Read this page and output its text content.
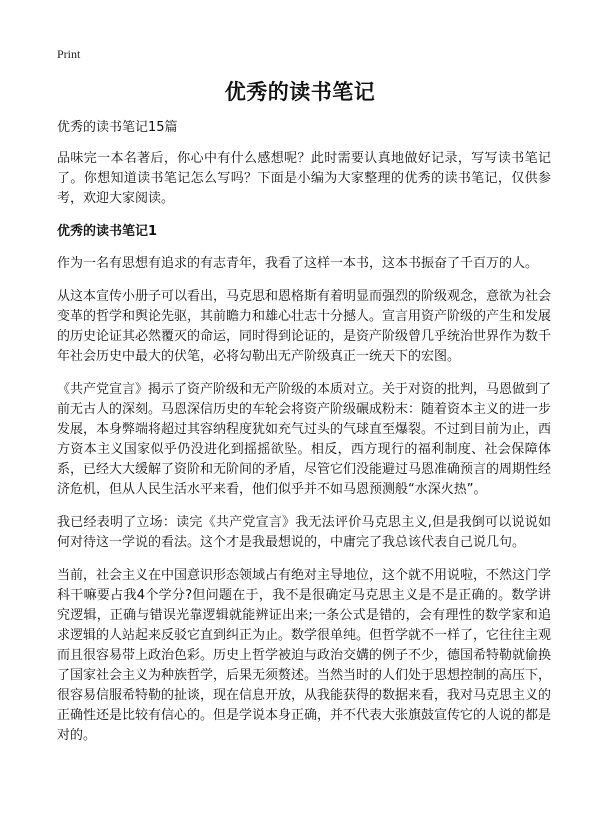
Print
优秀的读书笔记
优秀的读书笔记15篇

品味完一本名著后，你心中有什么感想呢？此时需要认真地做好记录，写写读书笔记了。你想知道读书笔记怎么写吗？下面是小编为大家整理的优秀的读书笔记，仅供参考，欢迎大家阅读。

优秀的读书笔记1

作为一名有思想有追求的有志青年，我看了这样一本书，这本书振奋了千百万的人。

从这本宣传小册子可以看出，马克思和恩格斯有着明显而强烈的阶级观念，意欲为社会变革的哲学和舆论先驱，其前瞻力和雄心壮志十分撼人。宣言用资产阶级的产生和发展的历史论证其必然覆灭的命运，同时得到论证的，是资产阶级曾几乎统治世界作为数千年社会历史中最大的伏笔，必将勾勒出无产阶级真正一统天下的宏图。

《共产党宣言》揭示了资产阶级和无产阶级的本质对立。关于对资的批判，马恩做到了前无古人的深刻。马恩深信历史的车轮会将资产阶级碾成粉末：随着资本主义的进一步发展，本身弊端将超过其容纳程度犹如充气过头的气球直至爆裂。不过到目前为止，西方资本主义国家似乎仍没进化到摇摇欲坠。相反，西方现行的福利制度、社会保障体系，已经大大缓解了资阶和无阶间的矛盾，尽管它们没能避过马恩准确预言的周期性经济危机，但从人民生活水平来看，他们似乎并不如马恩预测般“水深火热”。

我已经表明了立场：读完《共产党宣言》我无法评价马克思主义,但是我倒可以说说如何对待这一学说的看法。这个才是我最想说的，中庸完了我总该代表自己说几句。

当前，社会主义在中国意识形态领域占有绝对主导地位，这个就不用说啦，不然这门学科干嘛要占我4个学分?但问题在于，我不是很确定马克思主义是不是正确的。数学讲究逻辑，正确与错误光靠逻辑就能辨证出来;一条公式是错的，会有理性的数学家和追求逻辑的人站起来反驳它直到纠正为止。数学很单纯。但哲学就不一样了，它往往主观而且很容易带上政治色彩。历史上哲学被迫与政治交媾的例子不少，德国希特勒就偷换了国家社会主义为种族哲学，后果无须赘述。当然当时的人们处于思想控制的高压下，很容易信服希特勒的扯谈，现在信息开放，从我能获得的数据来看，我对马克思主义的正确性还是比较有信心的。但是学说本身正确，并不代表大张旗鼓宣传它的人说的都是对的。
